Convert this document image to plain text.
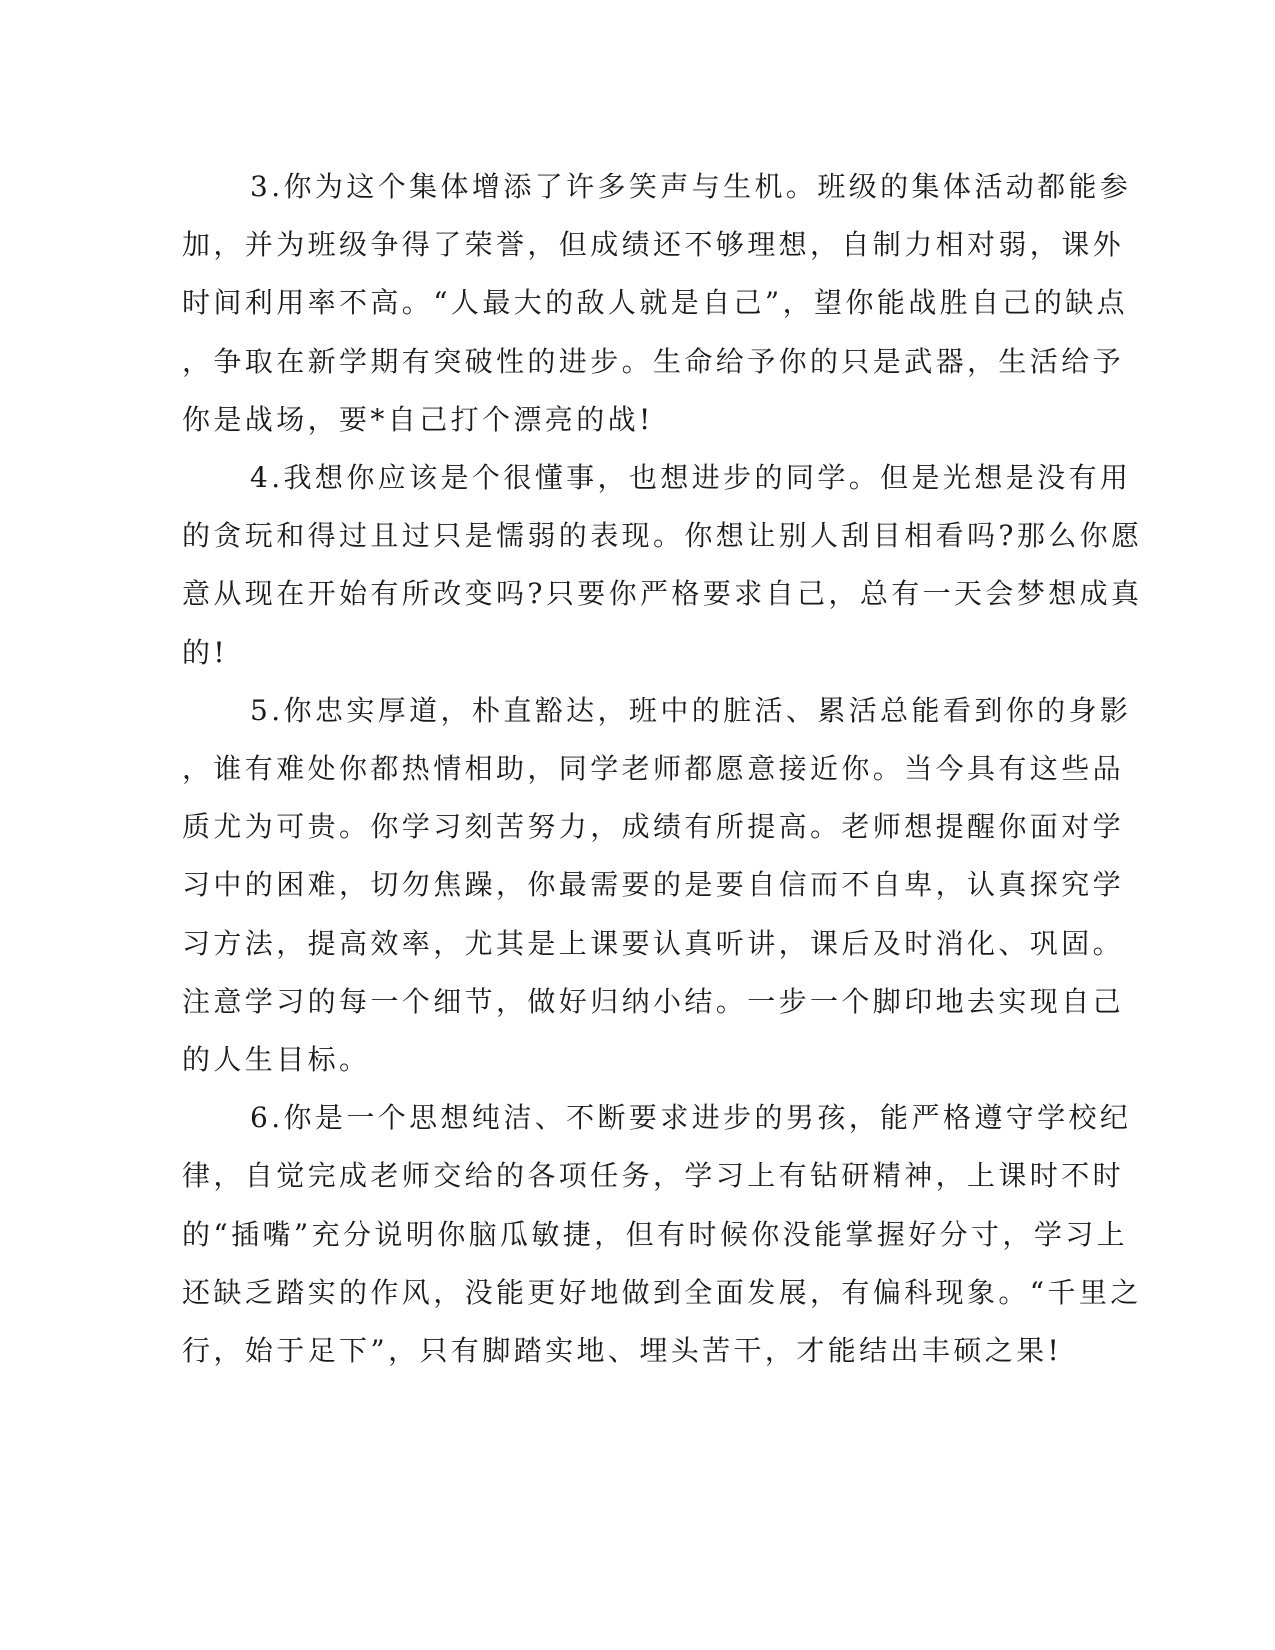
3.你为这个集体增添了许多笑声与生机。班级的集体活动都能参
加，并为班级争得了荣誉，但成绩还不够理想，自制力相对弱，课外
时间利用率不高。“人最大的敌人就是自己”，望你能战胜自己的缺点
，争取在新学期有突破性的进步。生命给予你的只是武器，生活给予
你是战场，要*自己打个漂亮的战!
4.我想你应该是个很懂事，也想进步的同学。但是光想是没有用
的贪玩和得过且过只是懦弱的表现。你想让别人刮目相看吗?那么你愿
意从现在开始有所改变吗?只要你严格要求自己，总有一天会梦想成真
的!
5.你忠实厚道，朴直豁达，班中的脏活、累活总能看到你的身影
，谁有难处你都热情相助，同学老师都愿意接近你。当今具有这些品
质尤为可贵。你学习刻苦努力，成绩有所提高。老师想提醒你面对学
习中的困难，切勿焦躁，你最需要的是要自信而不自卑，认真探究学
习方法，提高效率，尤其是上课要认真听讲，课后及时消化、巩固。
注意学习的每一个细节，做好归纳小结。一步一个脚印地去实现自己
的人生目标。
6.你是一个思想纯洁、不断要求进步的男孩，能严格遵守学校纪
律，自觉完成老师交给的各项任务，学习上有钻研精神，上课时不时
的“插嘴”充分说明你脑瓜敏捷，但有时候你没能掌握好分寸，学习上
还缺乏踏实的作风，没能更好地做到全面发展，有偏科现象。“千里之
行，始于足下”，只有脚踏实地、埋头苦干，才能结出丰硕之果!
